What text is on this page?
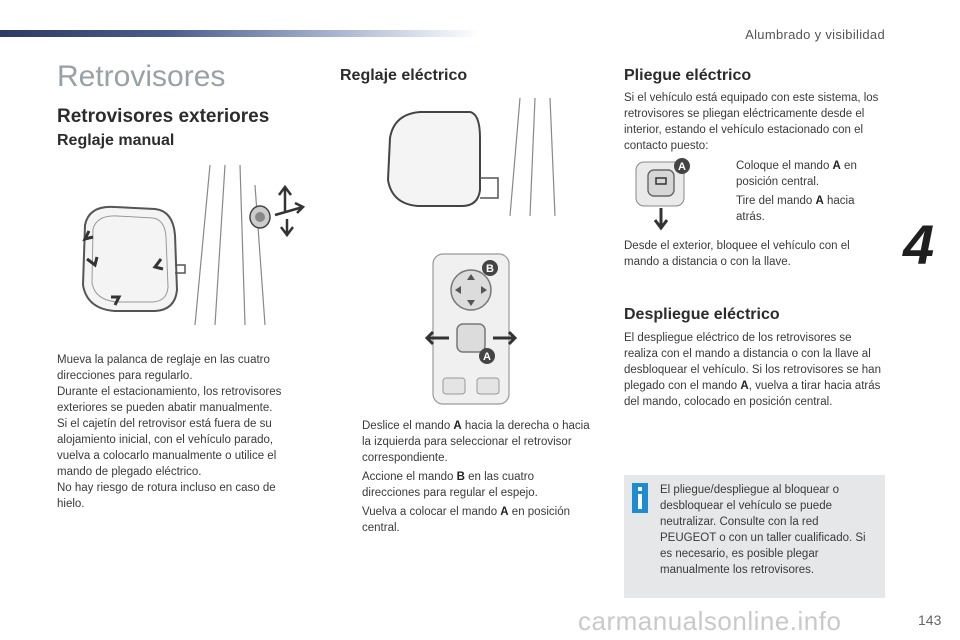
Alumbrado y visibilidad
4
Retrovisores
Retrovisores exteriores
Reglaje manual

Mueva la palanca de reglaje en las cuatro direcciones para regularlo.

Durante el estacionamiento, los retrovisores exteriores se pueden abatir manualmente.

Si el cajetín del retrovisor está fuera de su alojamiento inicial, con el vehículo parado, vuelva a colocarlo manualmente o utilice el mando de plegado eléctrico.

No hay riesgo de rotura incluso en caso de hielo.

Reglaje eléctrico
B
A
Deslice el mando A hacia la derecha o hacia la izquierda para seleccionar el retrovisor correspondiente.
Accione el mando B en las cuatro direcciones para regular el espejo.
Vuelva a colocar el mando A en posición central.
Pliegue eléctrico
Si el vehículo está equipado con este sistema, los retrovisores se pliegan eléctricamente desde el interior, estando el vehículo estacionado con el contacto puesto:
A	Coloque el mando A en posición central.
Tire del mando A hacia atrás.
Desde el exterior, bloquee el vehículo con el mando a distancia o con la llave.
Despliegue eléctrico
El despliegue eléctrico de los retrovisores se realiza con el mando a distancia o con la llave al desbloquear el vehículo. Si los retrovisores se han plegado con el mando A, vuelva a tirar hacia atrás del mando, colocado en posición central.
El pliegue/despliegue al bloquear o desbloquear el vehículo se puede neutralizar. Consulte con la red PEUGEOT o con un taller cualificado. Si es necesario, es posible plegar manualmente los retrovisores.
143
carmanualsonline.info
